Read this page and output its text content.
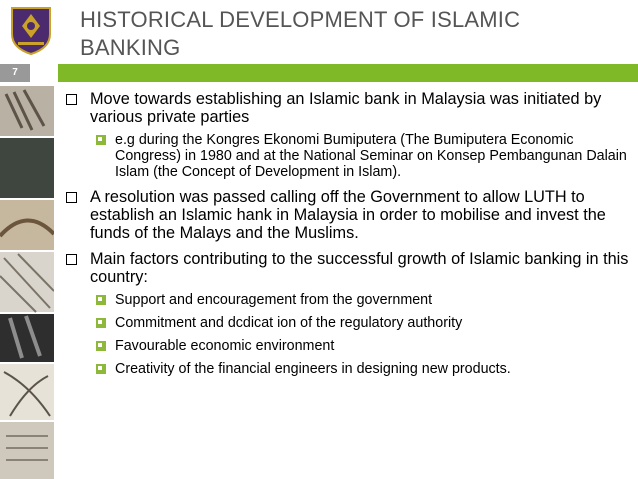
HISTORICAL DEVELOPMENT OF ISLAMIC BANKING
7
Move towards establishing an Islamic bank in Malaysia was initiated by various private parties
e.g during the Kongres Ekonomi Bumiputera (The Bumiputera Economic Congress) in 1980 and at the National Seminar on Konsep Pembangunan Dalain Islam (the Concept of Development in Islam).
A resolution was passed calling off the Government to allow LUTH to establish an Islamic hank in Malaysia in order to mobilise and invest the funds of the Malays and the Muslims.
Main factors contributing to the successful growth of Islamic banking in this country:
Support and encouragement from the government
Commitment and dcdicat ion of the regulatory authority
Favourable economic environment
Creativity of the financial engineers in designing new products.
